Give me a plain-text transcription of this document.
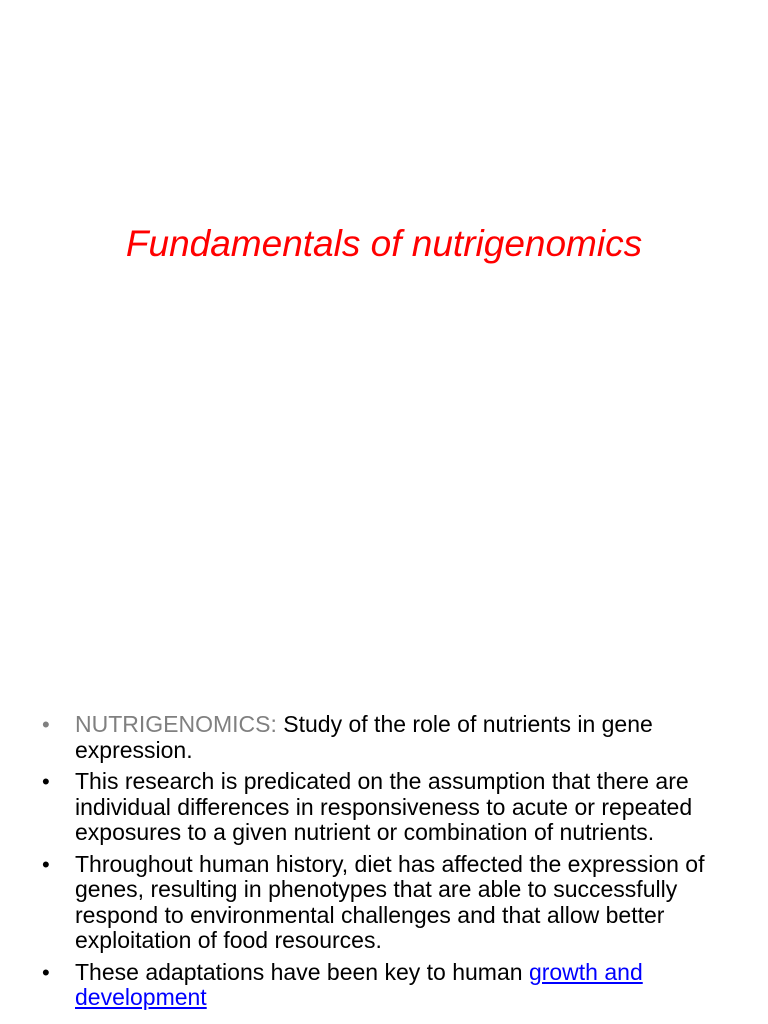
Fundamentals of nutrigenomics
•	NUTRIGENOMICS: Study of the role of nutrients in gene expression.
•	This research is predicated on the assumption that there are individual differences in responsiveness to acute or repeated exposures to a given nutrient or combination of nutrients.
•	Throughout human history, diet has affected the expression of genes, resulting in phenotypes that are able to successfully respond to environmental challenges and that allow better exploitation of food resources.
•	These adaptations have been key to human growth and development
